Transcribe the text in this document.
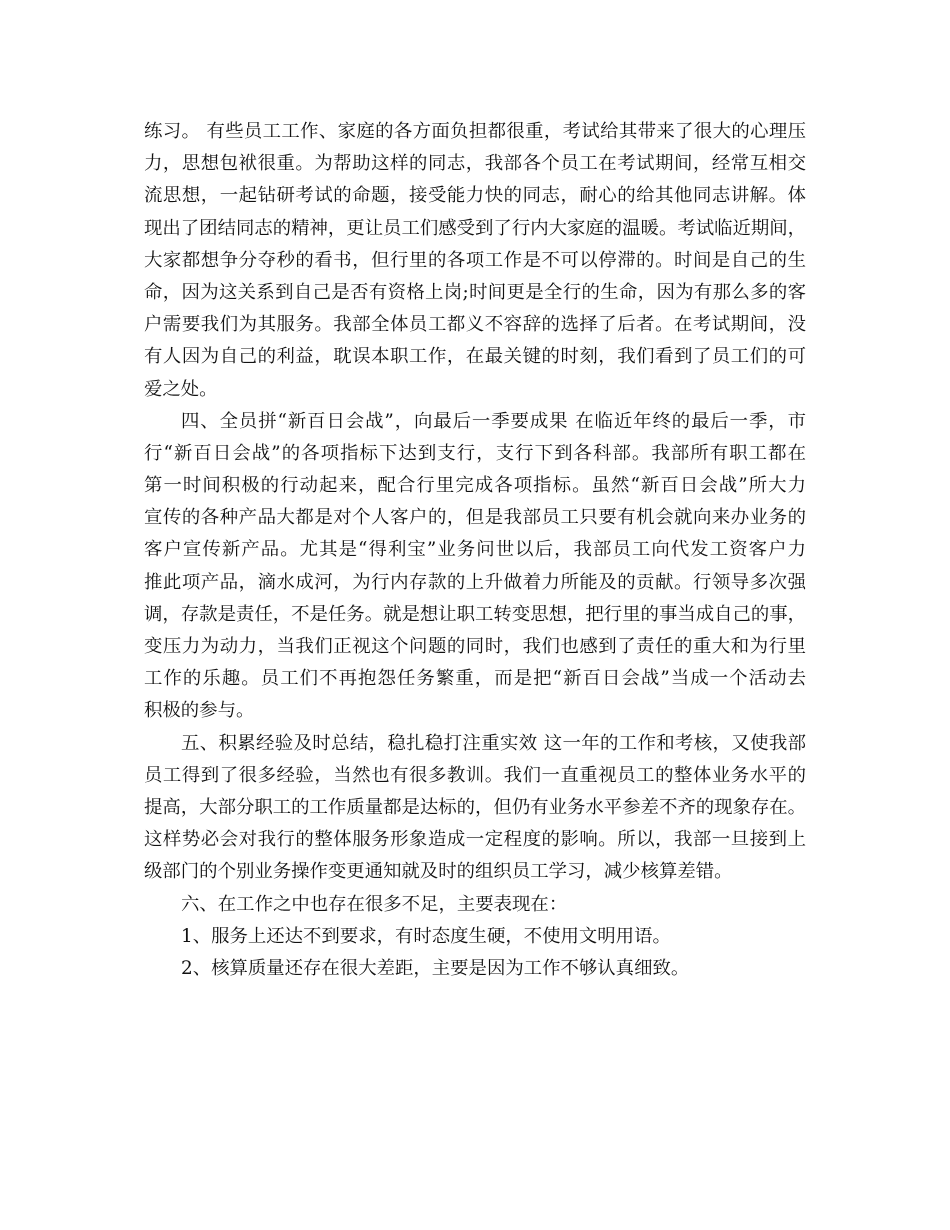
练习。 有些员工工作、家庭的各方面负担都很重，考试给其带来了很大的心理压
力，思想包袱很重。为帮助这样的同志，我部各个员工在考试期间，经常互相交
流思想，一起钻研考试的命题，接受能力快的同志，耐心的给其他同志讲解。体
现出了团结同志的精神，更让员工们感受到了行内大家庭的温暖。考试临近期间，
大家都想争分夺秒的看书，但行里的各项工作是不可以停滞的。时间是自己的生
命，因为这关系到自己是否有资格上岗;时间更是全行的生命，因为有那么多的客
户需要我们为其服务。我部全体员工都义不容辞的选择了后者。在考试期间，没
有人因为自己的利益，耽误本职工作，在最关键的时刻，我们看到了员工们的可
爱之处。
四、全员拼“新百日会战”，向最后一季要成果 在临近年终的最后一季，市
行“新百日会战”的各项指标下达到支行，支行下到各科部。我部所有职工都在
第一时间积极的行动起来，配合行里完成各项指标。虽然“新百日会战”所大力
宣传的各种产品大都是对个人客户的，但是我部员工只要有机会就向来办业务的
客户宣传新产品。尤其是“得利宝”业务问世以后，我部员工向代发工资客户力
推此项产品，滴水成河，为行内存款的上升做着力所能及的贡献。行领导多次强
调，存款是责任，不是任务。就是想让职工转变思想，把行里的事当成自己的事，
变压力为动力，当我们正视这个问题的同时，我们也感到了责任的重大和为行里
工作的乐趣。员工们不再抱怨任务繁重，而是把“新百日会战”当成一个活动去
积极的参与。
五、积累经验及时总结，稳扎稳打注重实效 这一年的工作和考核，又使我部
员工得到了很多经验，当然也有很多教训。我们一直重视员工的整体业务水平的
提高，大部分职工的工作质量都是达标的，但仍有业务水平参差不齐的现象存在。
这样势必会对我行的整体服务形象造成一定程度的影响。所以，我部一旦接到上
级部门的个别业务操作变更通知就及时的组织员工学习，减少核算差错。
六、在工作之中也存在很多不足，主要表现在：
1、服务上还达不到要求，有时态度生硬，不使用文明用语。
2、核算质量还存在很大差距，主要是因为工作不够认真细致。
